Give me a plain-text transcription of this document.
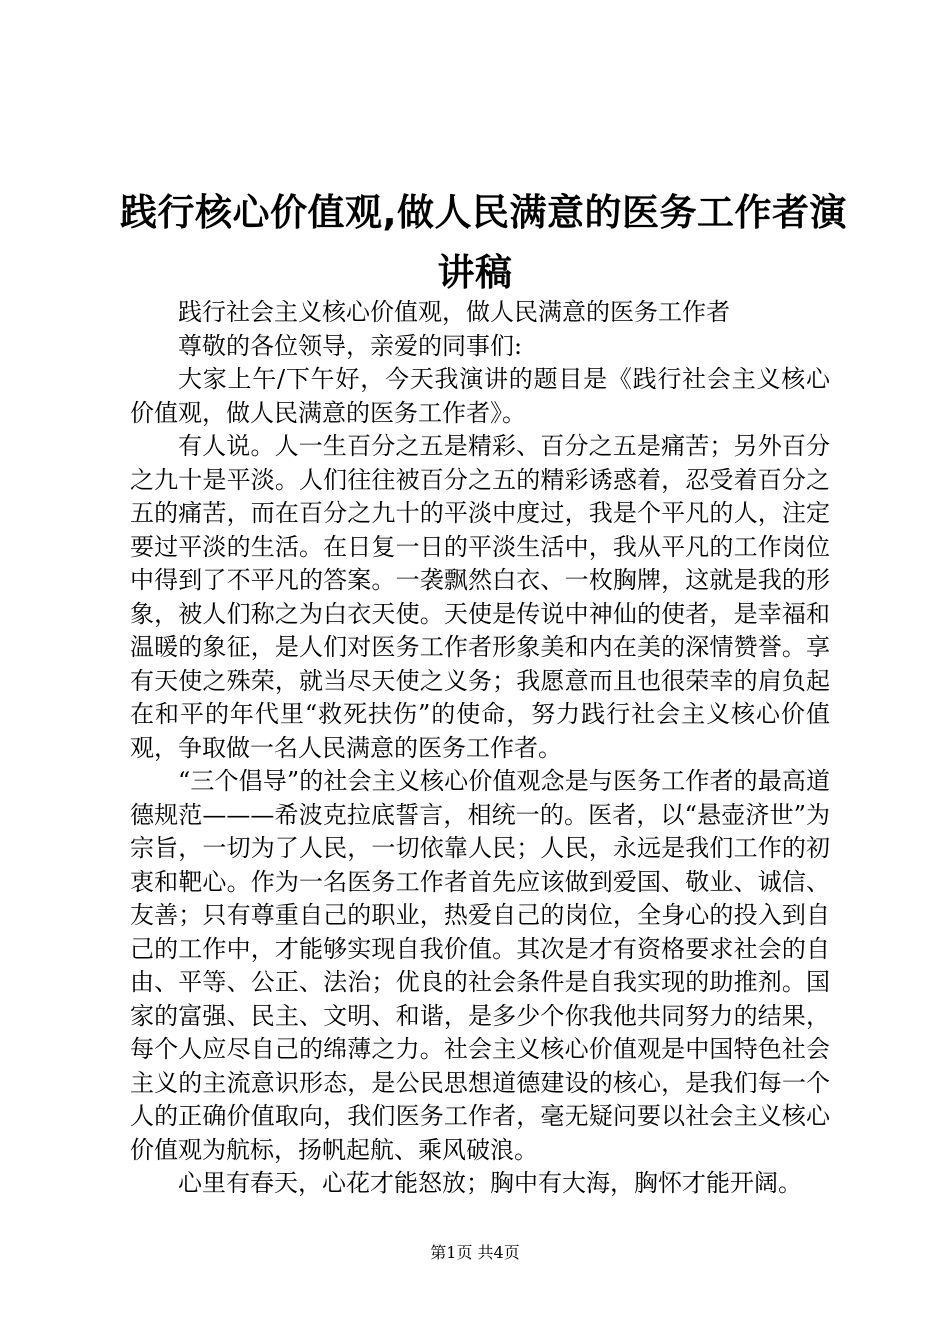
践行核心价值观,做人民满意的医务工作者演
讲稿

践行社会主义核心价值观，做人民满意的医务工作者

尊敬的各位领导，亲爱的同事们:

大家上午/下午好，今天我演讲的题目是《践行社会主义核心价值观，做人民满意的医务工作者》。

有人说。人一生百分之五是精彩、百分之五是痛苦；另外百分之九十是平淡。人们往往被百分之五的精彩诱惑着，忍受着百分之五的痛苦，而在百分之九十的平淡中度过，我是个平凡的人，注定要过平淡的生活。在日复一日的平淡生活中，我从平凡的工作岗位中得到了不平凡的答案。一袭飘然白衣、一枚胸牌，这就是我的形象，被人们称之为白衣天使。天使是传说中神仙的使者，是幸福和温暖的象征，是人们对医务工作者形象美和内在美的深情赞誉。享有天使之殊荣，就当尽天使之义务；我愿意而且也很荣幸的肩负起在和平的年代里“救死扶伤”的使命，努力践行社会主义核心价值观，争取做一名人民满意的医务工作者。

“三个倡导”的社会主义核心价值观念是与医务工作者的最高道德规范———希波克拉底誓言，相统一的。医者，以“悬壶济世”为宗旨，一切为了人民，一切依靠人民；人民，永远是我们工作的初衷和靶心。作为一名医务工作者首先应该做到爱国、敬业、诚信、友善；只有尊重自己的职业，热爱自己的岗位，全身心的投入到自己的工作中，才能够实现自我价值。其次是才有资格要求社会的自由、平等、公正、法治；优良的社会条件是自我实现的助推剂。国家的富强、民主、文明、和谐，是多少个你我他共同努力的结果，每个人应尽自己的绵薄之力。社会主义核心价值观是中国特色社会主义的主流意识形态，是公民思想道德建设的核心，是我们每一个人的正确价值取向，我们医务工作者，毫无疑问要以社会主义核心价值观为航标，扬帆起航、乘风破浪。

心里有春天，心花才能怒放；胸中有大海，胸怀才能开阔。

第1页 共4页
